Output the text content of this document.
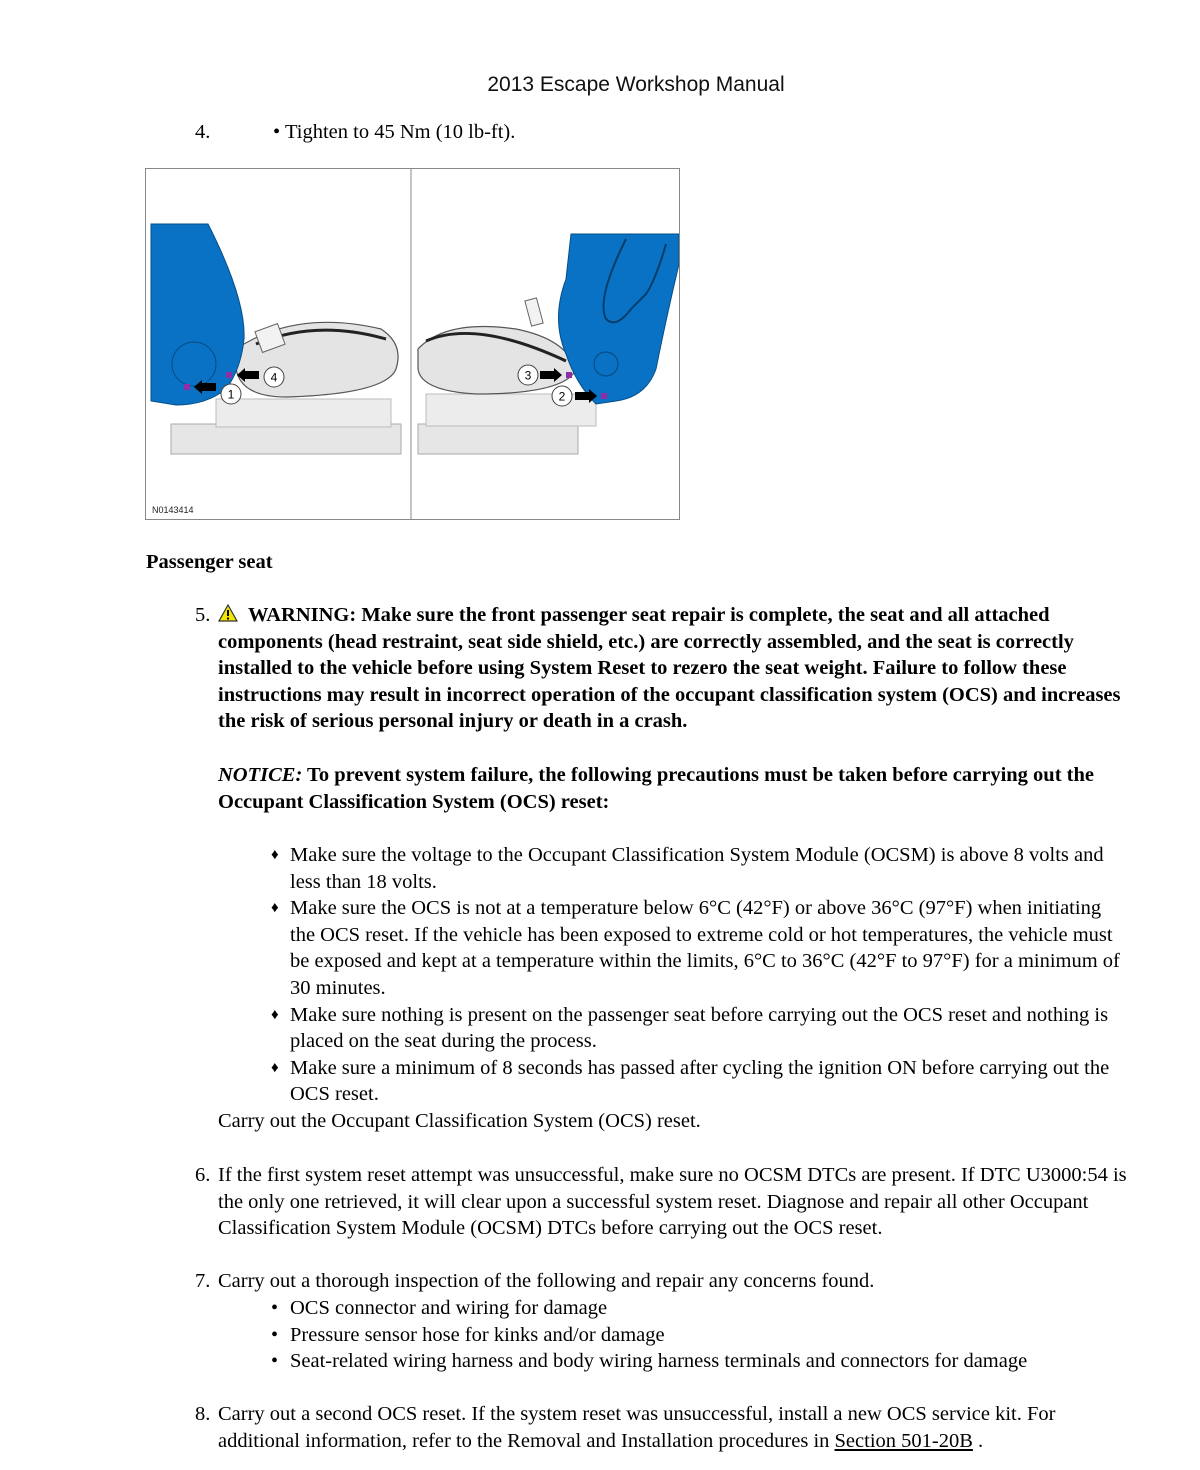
2013 Escape Workshop Manual
4.	• Tighten to 45 Nm (10 lb-ft).
1
4	3
2
N0143414
Passenger seat
5.	WARNING: Make sure the front passenger seat repair is complete, the seat and all attached components (head restraint, seat side shield, etc.) are correctly assembled, and the seat is correctly installed to the vehicle before using System Reset to rezero the seat weight. Failure to follow these instructions may result in incorrect operation of the occupant classification system (OCS) and increases the risk of serious personal injury or death in a crash.
NOTICE: To prevent system failure, the following precautions must be taken before carrying out the Occupant Classification System (OCS) reset:
♦ Make sure the voltage to the Occupant Classification System Module (OCSM) is above 8 volts and less than 18 volts.
♦ Make sure the OCS is not at a temperature below 6°C (42°F) or above 36°C (97°F) when initiating the OCS reset. If the vehicle has been exposed to extreme cold or hot temperatures, the vehicle must be exposed and kept at a temperature within the limits, 6°C to 36°C (42°F to 97°F) for a minimum of 30 minutes.
♦ Make sure nothing is present on the passenger seat before carrying out the OCS reset and nothing is placed on the seat during the process.
♦ Make sure a minimum of 8 seconds has passed after cycling the ignition ON before carrying out the OCS reset.
Carry out the Occupant Classification System (OCS) reset.
6. If the first system reset attempt was unsuccessful, make sure no OCSM DTCs are present. If DTC U3000:54 is the only one retrieved, it will clear upon a successful system reset. Diagnose and repair all other Occupant Classification System Module (OCSM) DTCs before carrying out the OCS reset.
7. Carry out a thorough inspection of the following and repair any concerns found.
• OCS connector and wiring for damage
• Pressure sensor hose for kinks and/or damage
• Seat-related wiring harness and body wiring harness terminals and connectors for damage
8. Carry out a second OCS reset. If the system reset was unsuccessful, install a new OCS service kit. For additional information, refer to the Removal and Installation procedures in Section 501-20B .
